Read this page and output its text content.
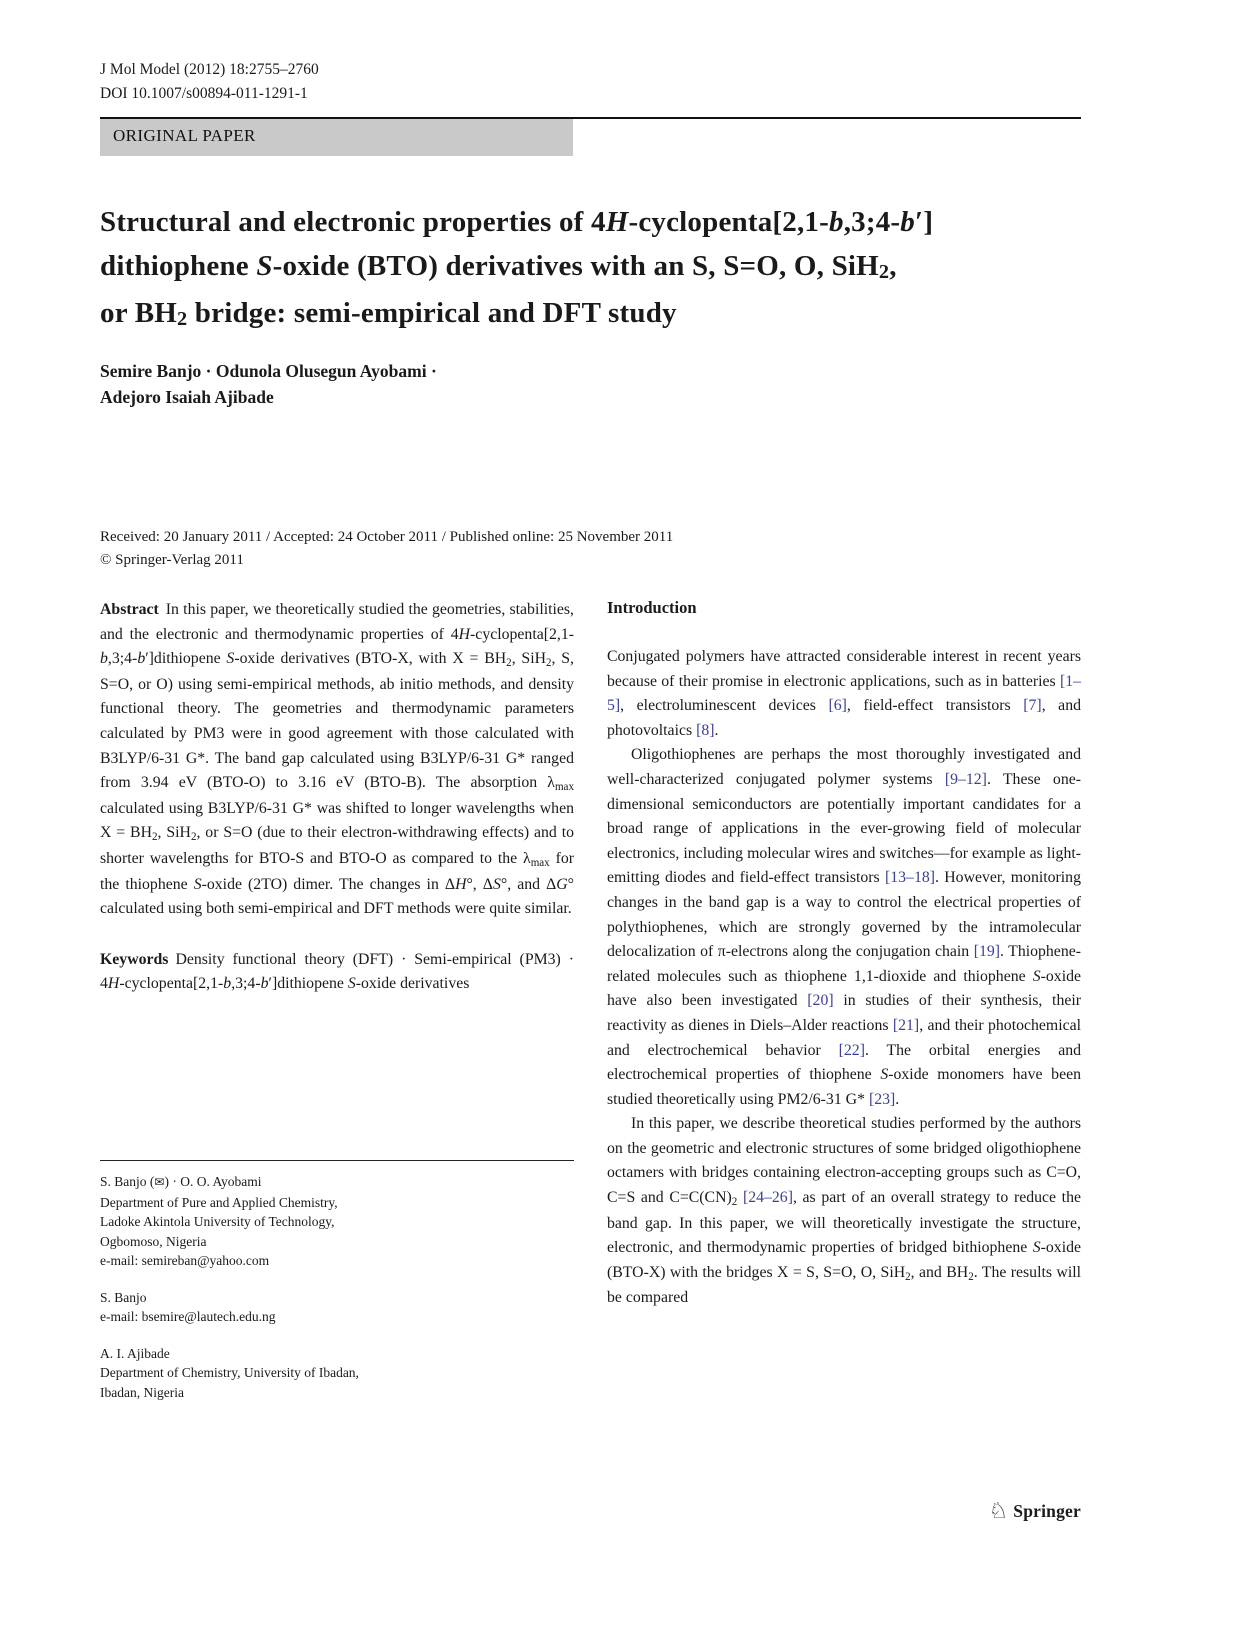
J Mol Model (2012) 18:2755–2760
DOI 10.1007/s00894-011-1291-1
ORIGINAL PAPER
Structural and electronic properties of 4H-cyclopenta[2,1-b,3;4-b′]
dithiophene S-oxide (BTO) derivatives with an S, S=O, O, SiH$_2$,
or $BH_2$ bridge: semi-empirical and DFT study
Semire Banjo · Odunola Olusegun Ayobami ·
Adejoro Isaiah Ajibade
Received: 20 January 2011 / Accepted: 24 October 2011 / Published online: 25 November 2011
© Springer-Verlag 2011

Abstract In this paper, we theoretically studied the geometries, stabilities, and the electronic and thermodynamic properties of 4H-cyclopenta[2,1-b,3;4-b′]dithiopene S-oxide derivatives (BTO-X, with $X = BH_2$, SiH$_2$, S, S=O, or O) using semi-empirical methods, ab initio methods, and density functional theory. The geometries and thermodynamic parameters calculated by PM3 were in good agreement with those calculated with B3LYP/6-31 G*. The band gap calculated using B3LYP/6-31 G* ranged from 3.94 eV (BTO-O) to 3.16 eV (BTO-B). The absorption $\lambda_{max}$ calculated using B3LYP/6-31 G* was shifted to longer wavelengths when $X = BH_2$, SiH$_2$, or S=O (due to their electron-withdrawing effects) and to shorter wavelengths for BTO-S and BTO-O as compared to the $\lambda_{max}$ for the thiophene S-oxide (2TO) dimer. The changes in ΔH°, ΔS°, and ΔG° calculated using both semi-empirical and DFT methods were quite similar.

Keywords Density functional theory (DFT) · Semi-empirical (PM3) · 4H-cyclopenta[2,1-b,3;4-b′]dithiopene S-oxide derivatives

S. Banjo (✉) · O. O. Ayobami
Department of Pure and Applied Chemistry,
Ladoke Akintola University of Technology,
Ogbomoso, Nigeria
e-mail: semireban@yahoo.com
S. Banjo
e-mail: bsemire@lautech.edu.ng
A. I. Ajibade
Department of Chemistry, University of Ibadan,
Ibadan, Nigeria
Introduction

Conjugated polymers have attracted considerable interest in recent years because of their promise in electronic applications, such as in batteries [1–5], electroluminescent devices [6], field-effect transistors [7], and photovoltaics [8].

Oligothiophenes are perhaps the most thoroughly investigated and well-characterized conjugated polymer systems [9–12]. These one-dimensional semiconductors are potentially important candidates for a broad range of applications in the ever-growing field of molecular electronics, including molecular wires and switches—for example as light-emitting diodes and field-effect transistors [13–18]. However, monitoring changes in the band gap is a way to control the electrical properties of polythiophenes, which are strongly governed by the intramolecular delocalization of π-electrons along the conjugation chain [19]. Thiophene-related molecules such as thiophene 1,1-dioxide and thiophene S-oxide have also been investigated [20] in studies of their synthesis, their reactivity as dienes in Diels–Alder reactions [21], and their photochemical and electrochemical behavior [22]. The orbital energies and electrochemical properties of thiophene S-oxide monomers have been studied theoretically using PM2/6-31 G* [23].

In this paper, we describe theoretical studies performed by the authors on the geometric and electronic structures of some bridged oligothiophene octamers with bridges containing electron-accepting groups such as C=O, C=S and $C=C(CN)_2$ [24–26], as part of an overall strategy to reduce the band gap. In this paper, we will theoretically investigate the structure, electronic, and thermodynamic properties of bridged bithiophene S-oxide (BTO-X) with the bridges X = S, S=O, O, SiH$_2$, and $BH_2$. The results will be compared

♘ Springer
